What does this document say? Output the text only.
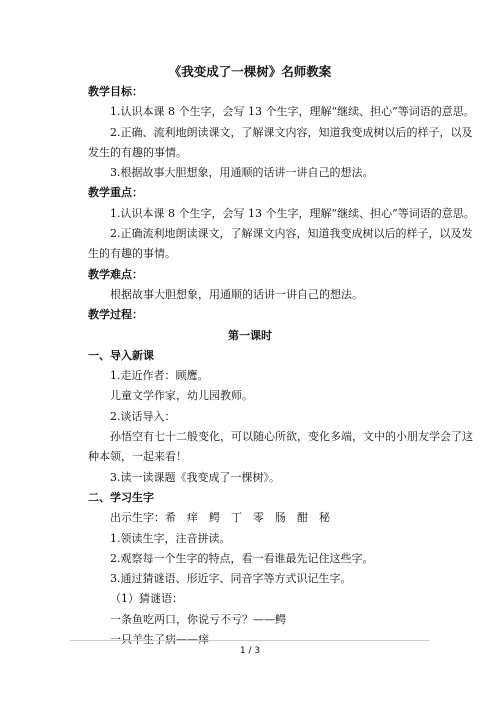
《我变成了一棵树》名师教案
教学目标：
1.认识本课 8 个生字，会写 13 个生字，理解“继续、担心”等词语的意思。
2.正确、流利地朗读课文，了解课文内容，知道我变成树以后的样子，以及
发生的有趣的事情。
3.根据故事大胆想象，用通顺的话讲一讲自己的想法。
教学重点：
1.认识本课 8 个生字，会写 13 个生字，理解“继续、担心”等词语的意思。
2.正确流利地朗读课文，了解课文内容，知道我变成树以后的样子，以及发
生的有趣的事情。
教学难点：
根据故事大胆想象，用通顺的话讲一讲自己的想法。
教学过程：
第一课时
一、导入新课
1.走近作者：顾鹰。
儿童文学作家，幼儿园教师。
2.谈话导入：
孙悟空有七十二般变化，可以随心所欲，变化多端，文中的小朋友学会了这
种本领，一起来看！
3.读一读课题《我变成了一棵树》。
二、学习生字
出示生字：希　痒　鳄　丁　零　肠　酣　秘
1.领读生字，注音拼读。
2.观察每一个生字的特点，看一看谁最先记住这些字。
3.通过猜谜语、形近字、同音字等方式识记生字。
（1）猜谜语：
一条鱼吃两口，你说亏不亏？——鳄
一只羊生了病——痒
1 / 3
